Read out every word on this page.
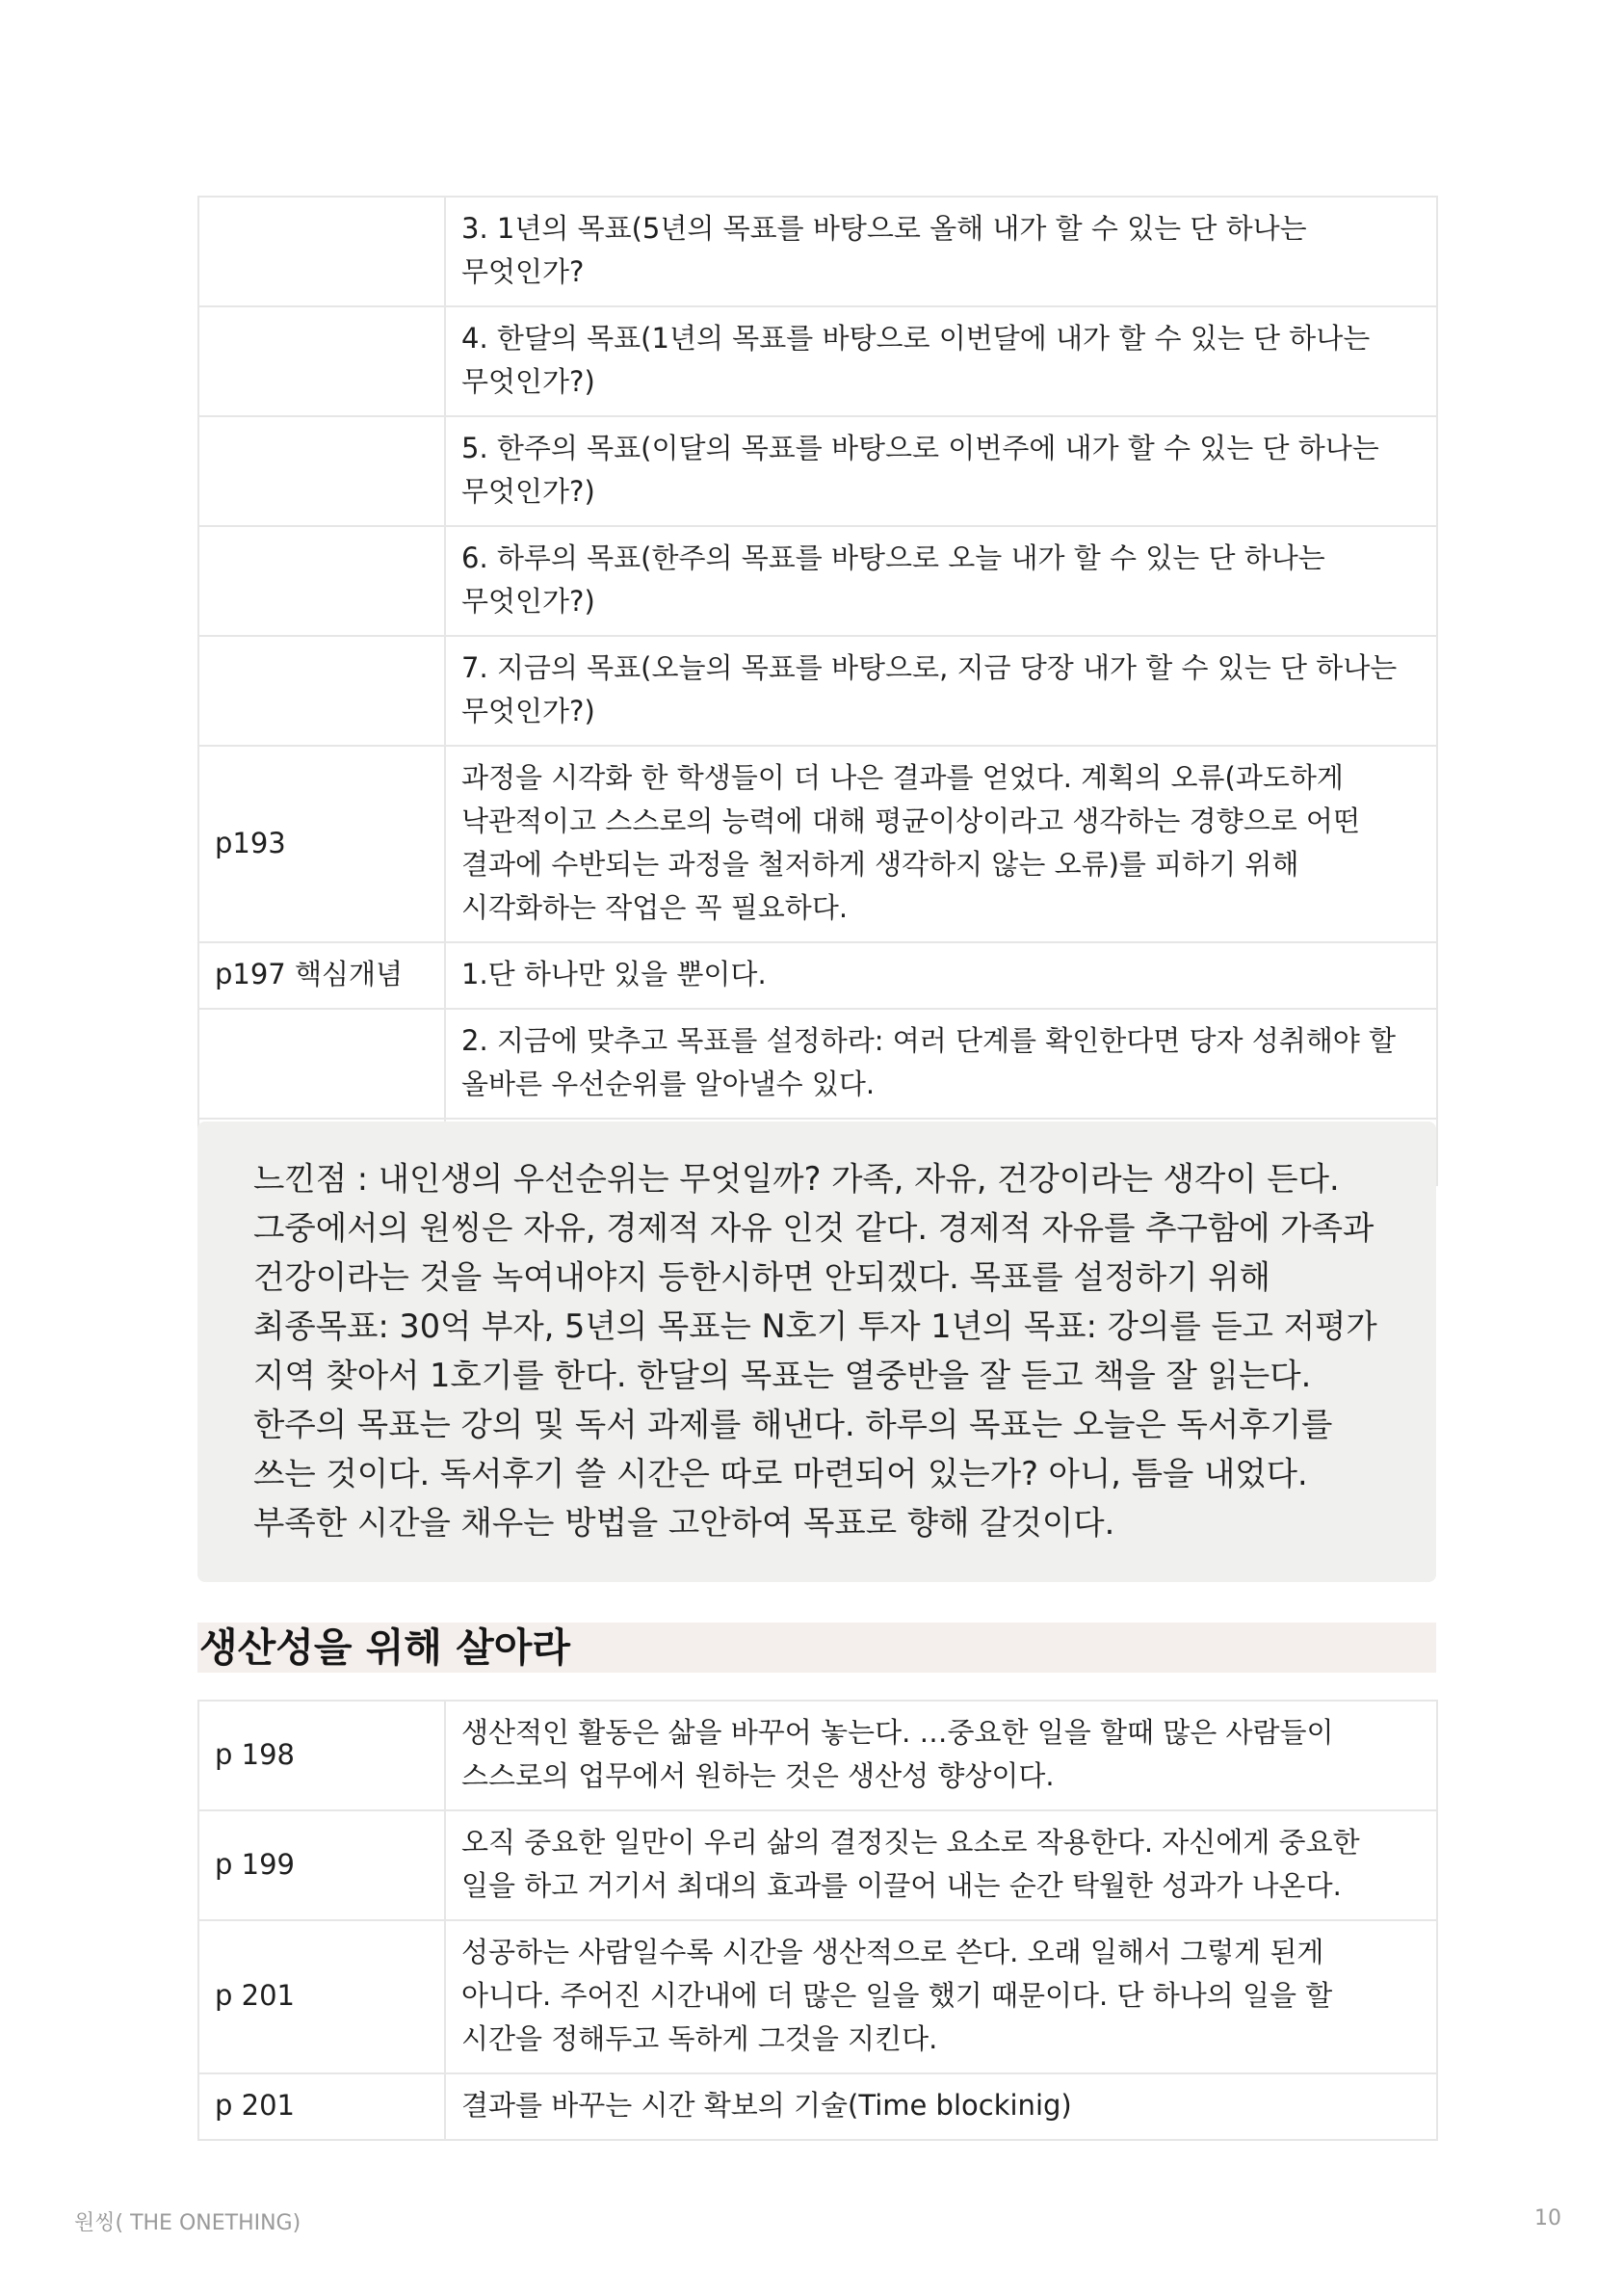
	3. 1년의 목표(5년의 목표를 바탕으로 올해 내가 할 수 있는 단 하나는 무엇인가?
	4. 한달의 목표(1년의 목표를 바탕으로 이번달에 내가 할 수 있는 단 하나는 무엇인가?)
	5. 한주의 목표(이달의 목표를 바탕으로 이번주에 내가 할 수 있는 단 하나는 무엇인가?)
	6. 하루의 목표(한주의 목표를 바탕으로 오늘 내가 할 수 있는 단 하나는 무엇인가?)
	7. 지금의 목표(오늘의 목표를 바탕으로, 지금 당장 내가 할 수 있는 단 하나는 무엇인가?)
p193	과정을 시각화 한 학생들이 더 나은 결과를 얻었다. 계획의 오류(과도하게 낙관적이고 스스로의 능력에 대해 평균이상이라고 생각하는 경향으로 어떤 결과에 수반되는 과정을 철저하게 생각하지 않는 오류)를 피하기 위해 시각화하는 작업은 꼭 필요하다.
p197 핵심개념	1.단 하나만 있을 뿐이다.
	2. 지금에 맞추고 목표를 설정하라: 여러 단계를 확인한다면 당자 성취해야 할 올바른 우선순위를 알아낼수 있다.

느낀점 : 내인생의 우선순위는 무엇일까? 가족, 자유, 건강이라는 생각이 든다. 그중에서의 원씽은 자유, 경제적 자유 인것 같다. 경제적 자유를 추구함에 가족과 건강이라는 것을 녹여내야지 등한시하면 안되겠다. 목표를 설정하기 위해 최종목표: 30억 부자, 5년의 목표는 N호기 투자 1년의 목표: 강의를 듣고 저평가 지역 찾아서 1호기를 한다. 한달의 목표는 열중반을 잘 듣고 책을 잘 읽는다. 한주의 목표는 강의 및 독서 과제를 해낸다. 하루의 목표는 오늘은 독서후기를 쓰는 것이다. 독서후기 쓸 시간은 따로 마련되어 있는가? 아니, 틈을 내었다. 부족한 시간을 채우는 방법을 고안하여 목표로 향해 갈것이다.
생산성을 위해 살아라
p 198	생산적인 활동은 삶을 바꾸어 놓는다. …중요한 일을 할때 많은 사람들이 스스로의 업무에서 원하는 것은 생산성 향상이다.
p 199	오직 중요한 일만이 우리 삶의 결정짓는 요소로 작용한다. 자신에게 중요한 일을 하고 거기서 최대의 효과를 이끌어 내는 순간 탁월한 성과가 나온다.
p 201	성공하는 사람일수록 시간을 생산적으로 쓴다. 오래 일해서 그렇게 된게 아니다. 주어진 시간내에 더 많은 일을 했기 때문이다. 단 하나의 일을 할 시간을 정해두고 독하게 그것을 지킨다.
p 201	결과를 바꾸는 시간 확보의 기술(Time blockinig)
원씽( THE ONETHING)	10
